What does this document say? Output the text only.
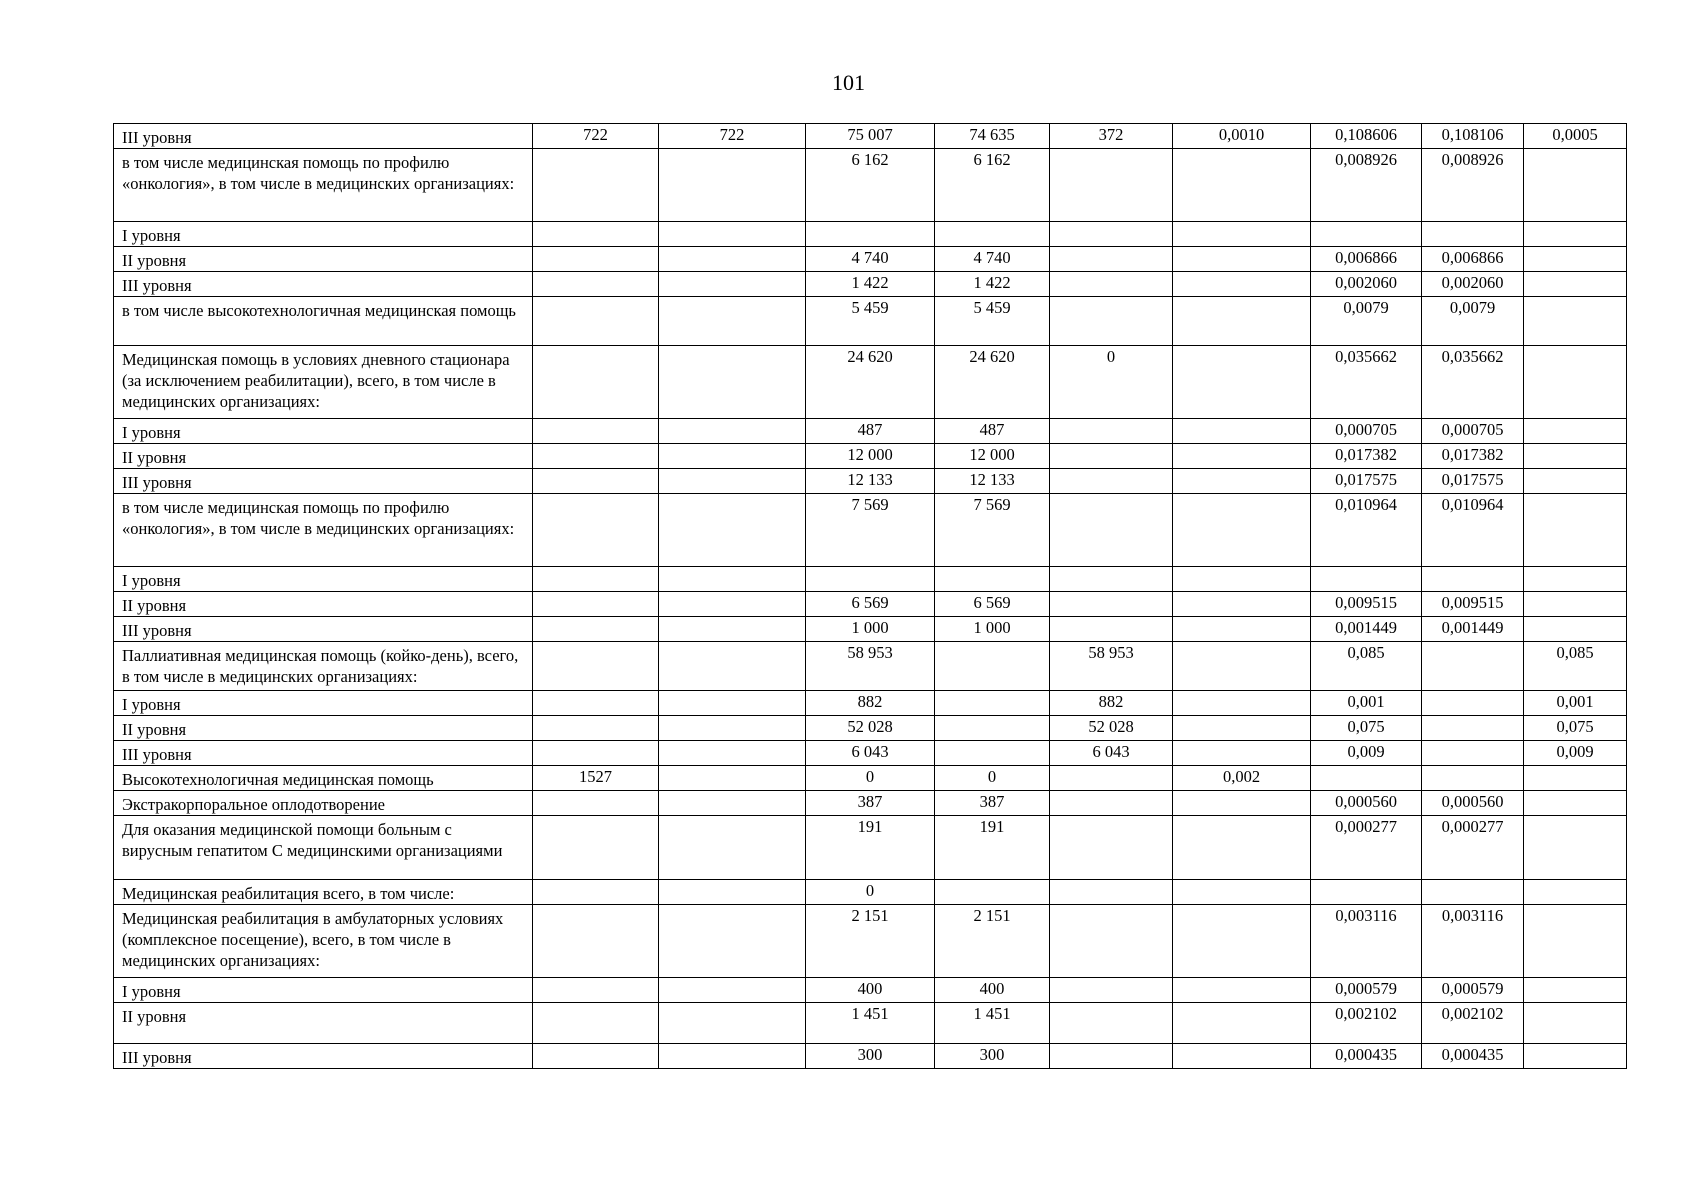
101
III уровня	722	722	75 007	74 635	372	0,0010	0,108606	0,108106	0,0005

в том числе медицинская помощь по профилю «онкология», в том числе в медицинских организациях:			6 162	6 162			0,008926	0,008926	

I уровня									

II уровня			4 740	4 740			0,006866	0,006866	

III уровня			1 422	1 422			0,002060	0,002060	

в том числе высокотехнологичная медицинская помощь			5 459	5 459			0,0079	0,0079	

Медицинская помощь в условиях дневного стационара (за исключением реабилитации), всего, в том числе в медицинских организациях:			24 620	24 620	0		0,035662	0,035662	

I уровня			487	487			0,000705	0,000705	

II уровня			12 000	12 000			0,017382	0,017382	

III уровня			12 133	12 133			0,017575	0,017575	

в том числе медицинская помощь по профилю «онкология», в том числе в медицинских организациях:			7 569	7 569			0,010964	0,010964	

I уровня									

II уровня			6 569	6 569			0,009515	0,009515	

III уровня			1 000	1 000			0,001449	0,001449	

Паллиативная медицинская помощь (койко-день), всего, в том числе в медицинских организациях:			58 953		58 953		0,085		0,085

I уровня			882		882		0,001		0,001

II уровня			52 028		52 028		0,075		0,075

III уровня			6 043		6 043		0,009		0,009

Высокотехнологичная медицинская помощь	1527		0	0		0,002			

Экстракорпоральное оплодотворение			387	387			0,000560	0,000560	

Для оказания медицинской помощи больным с вирусным гепатитом С медицинскими организациями			191	191			0,000277	0,000277	

Медицинская реабилитация всего, в том числе:			0						

Медицинская реабилитация в амбулаторных условиях (комплексное посещение), всего, в том числе в медицинских организациях:			2 151	2 151			0,003116	0,003116	

I уровня			400	400			0,000579	0,000579	

II уровня			1 451	1 451			0,002102	0,002102	

III уровня			300	300			0,000435	0,000435	
